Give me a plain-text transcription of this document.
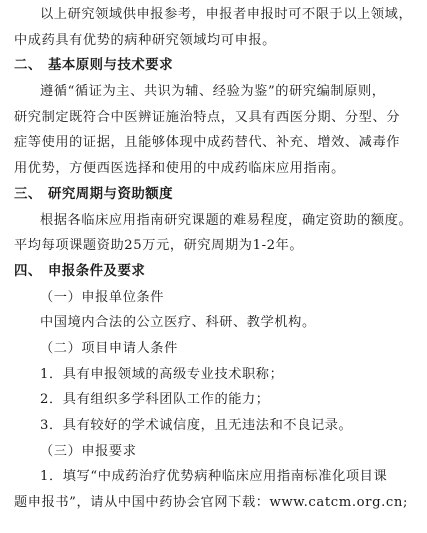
以上研究领域供申报参考，申报者申报时可不限于以上领域，
中成药具有优势的病种研究领域均可申报。
二、 基本原则与技术要求
遵循“循证为主、共识为辅、经验为鉴”的研究编制原则，
研究制定既符合中医辨证施治特点，又具有西医分期、分型、分
症等使用的证据，且能够体现中成药替代、补充、增效、减毒作
用优势，方便西医选择和使用的中成药临床应用指南。
三、 研究周期与资助额度
根据各临床应用指南研究课题的难易程度，确定资助的额度。
平均每项课题资助25万元，研究周期为1-2年。
四、 申报条件及要求
（一）申报单位条件
中国境内合法的公立医疗、科研、教学机构。
（二）项目申请人条件
1．具有申报领域的高级专业技术职称；
2．具有组织多学科团队工作的能力；
3．具有较好的学术诚信度，且无违法和不良记录。
（三）申报要求
1．填写“中成药治疗优势病种临床应用指南标准化项目课
题申报书”，请从中国中药协会官网下载：www.catcm.org.cn;
